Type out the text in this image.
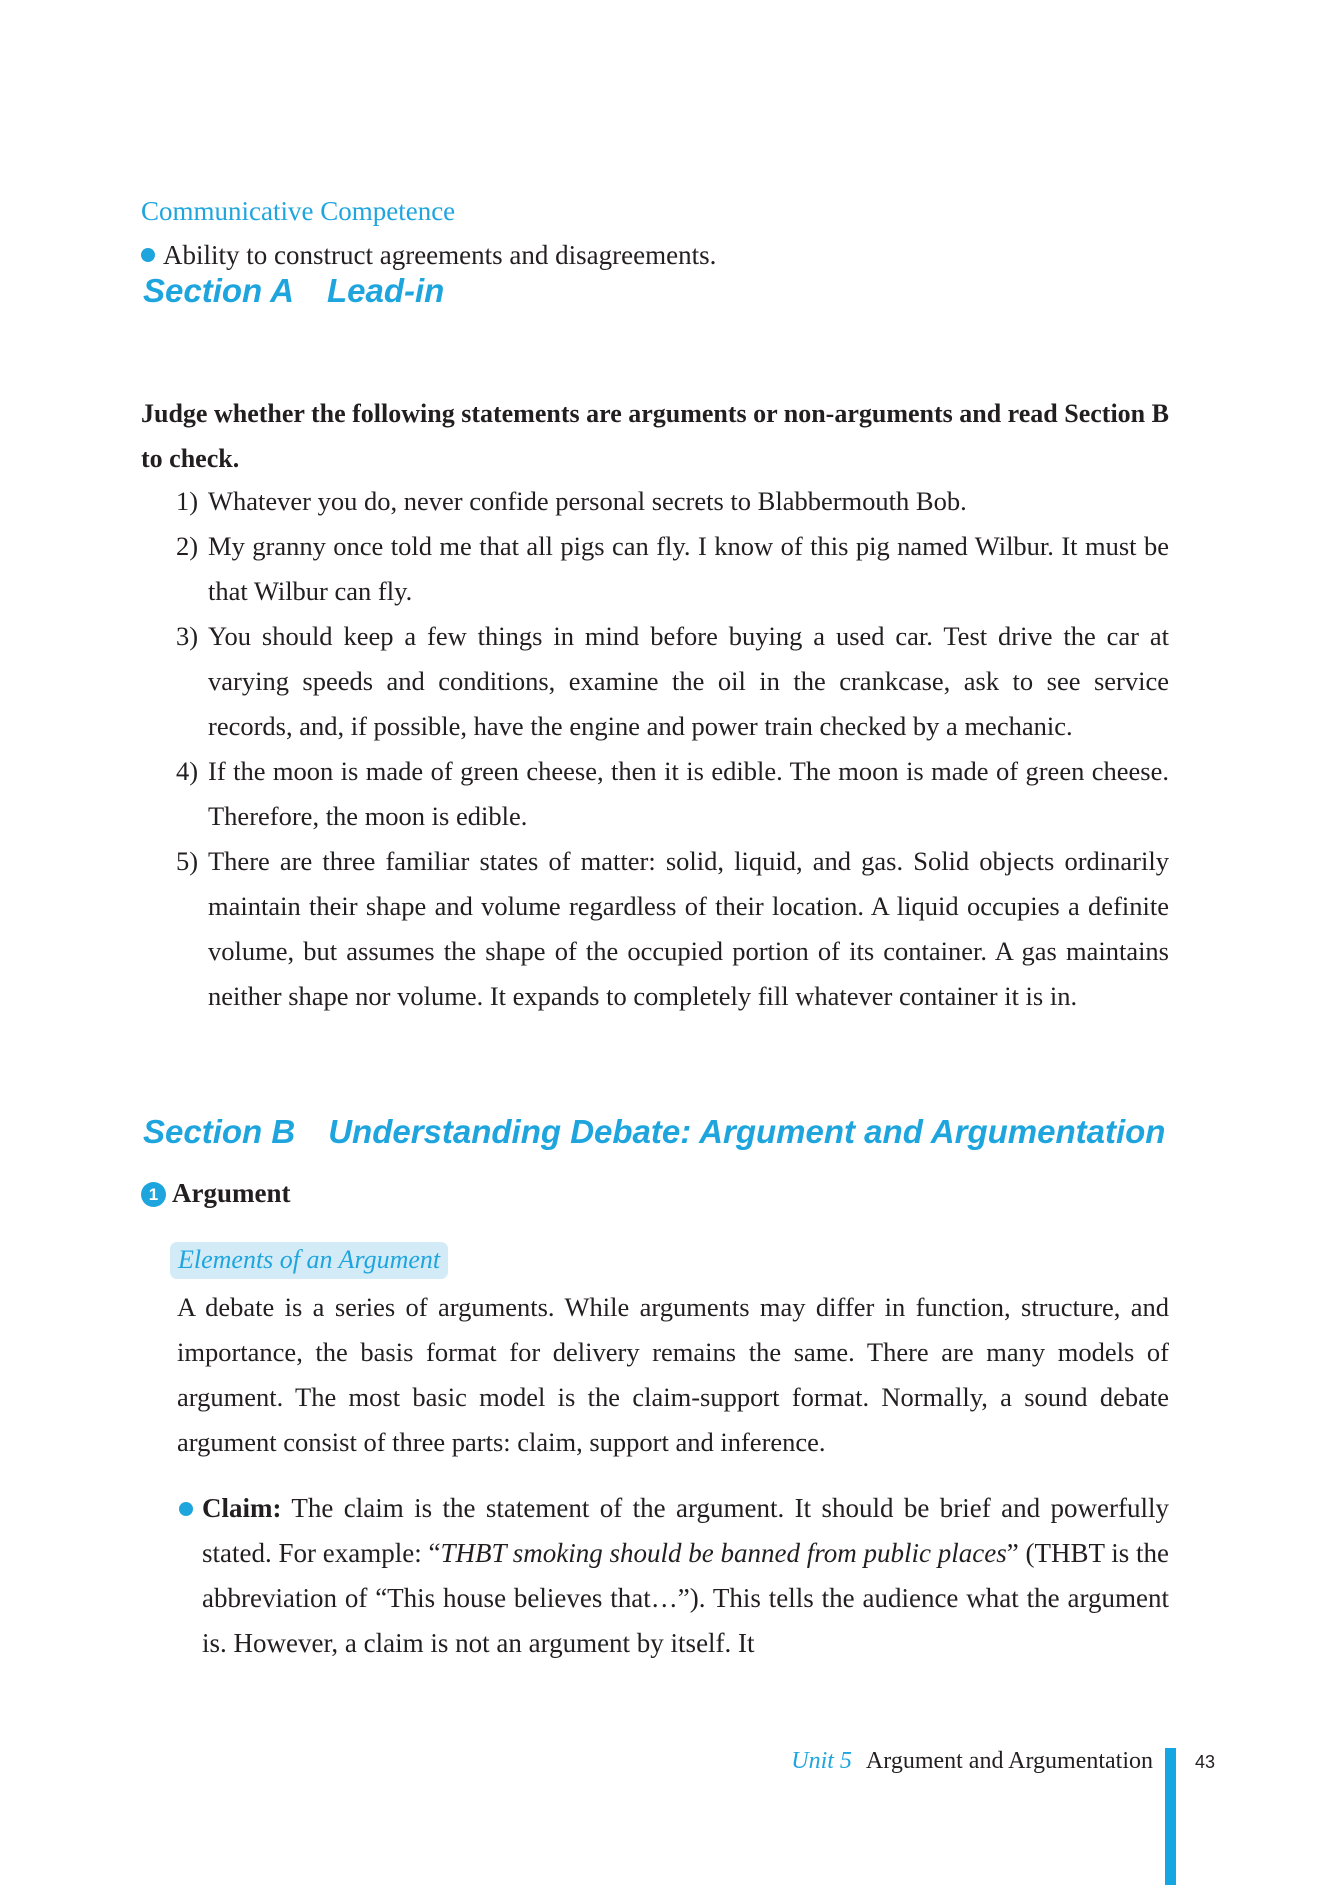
Communicative Competence
Ability to construct agreements and disagreements.
Section A Lead-in
Judge whether the following statements are arguments or non-arguments and read Section B to check.
1) Whatever you do, never confide personal secrets to Blabbermouth Bob.

2) My granny once told me that all pigs can fly. I know of this pig named Wilbur. It must be that Wilbur can fly.

3) You should keep a few things in mind before buying a used car. Test drive the car at varying speeds and conditions, examine the oil in the crankcase, ask to see service records, and, if possible, have the engine and power train checked by a mechanic.

4) If the moon is made of green cheese, then it is edible. The moon is made of green cheese. Therefore, the moon is edible.

5) There are three familiar states of matter: solid, liquid, and gas. Solid objects ordinarily maintain their shape and volume regardless of their location. A liquid occupies a definite volume, but assumes the shape of the occupied portion of its container. A gas maintains neither shape nor volume. It expands to completely fill whatever container it is in.

Section B Understanding Debate: Argument and Argumentation
1 Argument
Elements of an Argument

A debate is a series of arguments. While arguments may differ in function, structure, and importance, the basis format for delivery remains the same. There are many models of argument. The most basic model is the claim-support format. Normally, a sound debate argument consist of three parts: claim, support and inference.

Claim: The claim is the statement of the argument. It should be brief and powerfully stated. For example: “THBT smoking should be banned from public places” (THBT is the abbreviation of “This house believes that…”). This tells the audience what the argument is. However, a claim is not an argument by itself. It

Unit 5 Argument and Argumentation 43
